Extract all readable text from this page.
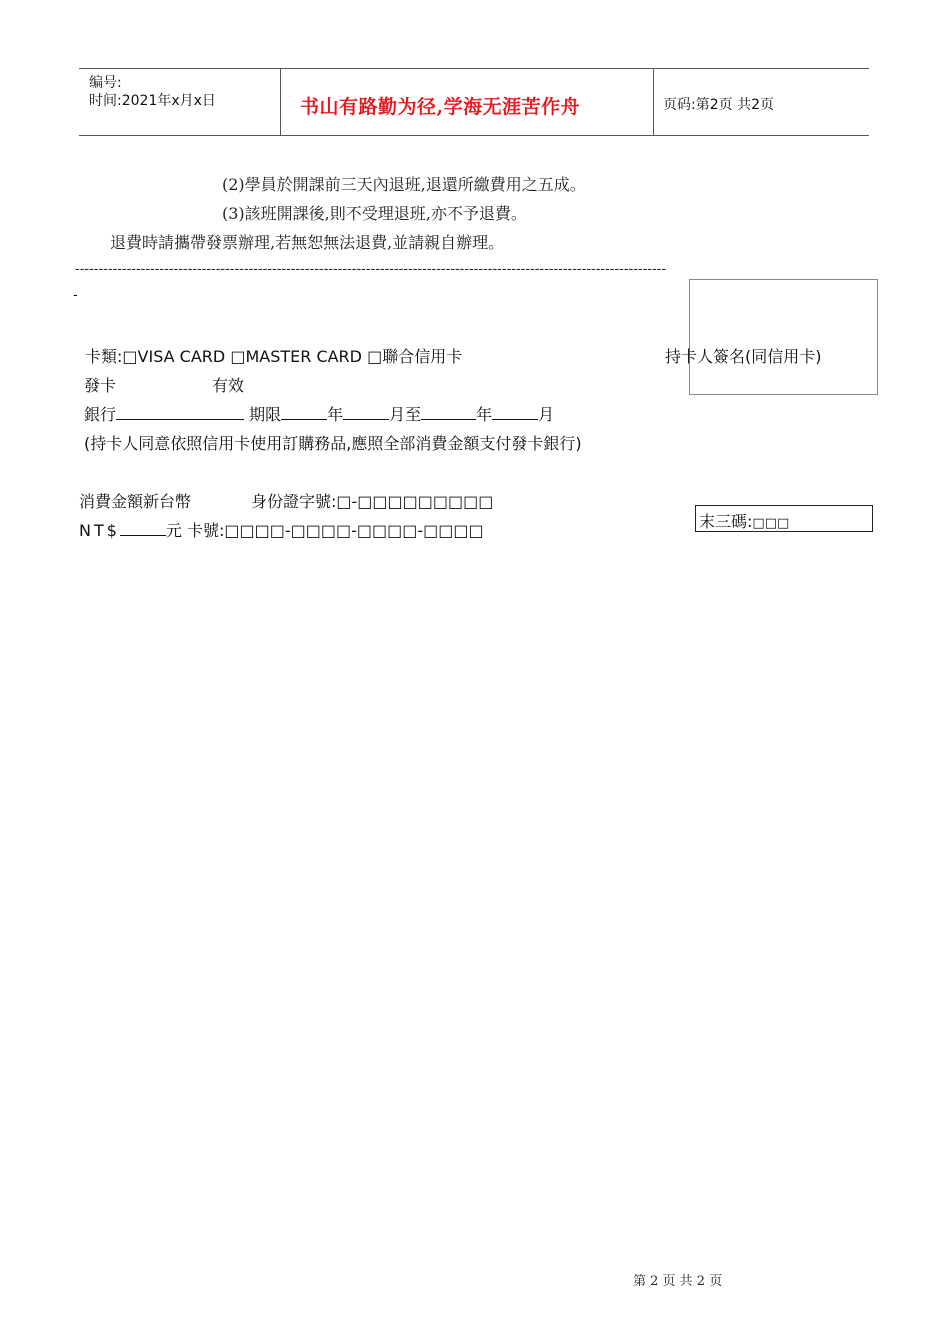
编号:
时间:2021年x月x日	书山有路勤为径,学海无涯苦作舟	页码:第2页 共2页
(2)學員於開課前三天內退班,退還所繳費用之五成。
(3)該班開課後,則不受理退班,亦不予退費。
退費時請攜帶發票辦理,若無恕無法退費,並請親自辦理。
------------------------------------------------------------------------------------------------------------------------------
-
卡類:□VISA CARD □MASTER CARD □聯合信用卡	持卡人簽名(同信用卡)
發卡	有效
銀行	期限	年	月至	年	月
(持卡人同意依照信用卡使用訂購務品,應照全部消費金額支付發卡銀行)
消費金額新台幣	身份證字號:□-□□□□□□□□□
NT$	元 卡號:□□□□-□□□□-□□□□-□□□□	末三碼:□□□
第 2 页 共 2 页
